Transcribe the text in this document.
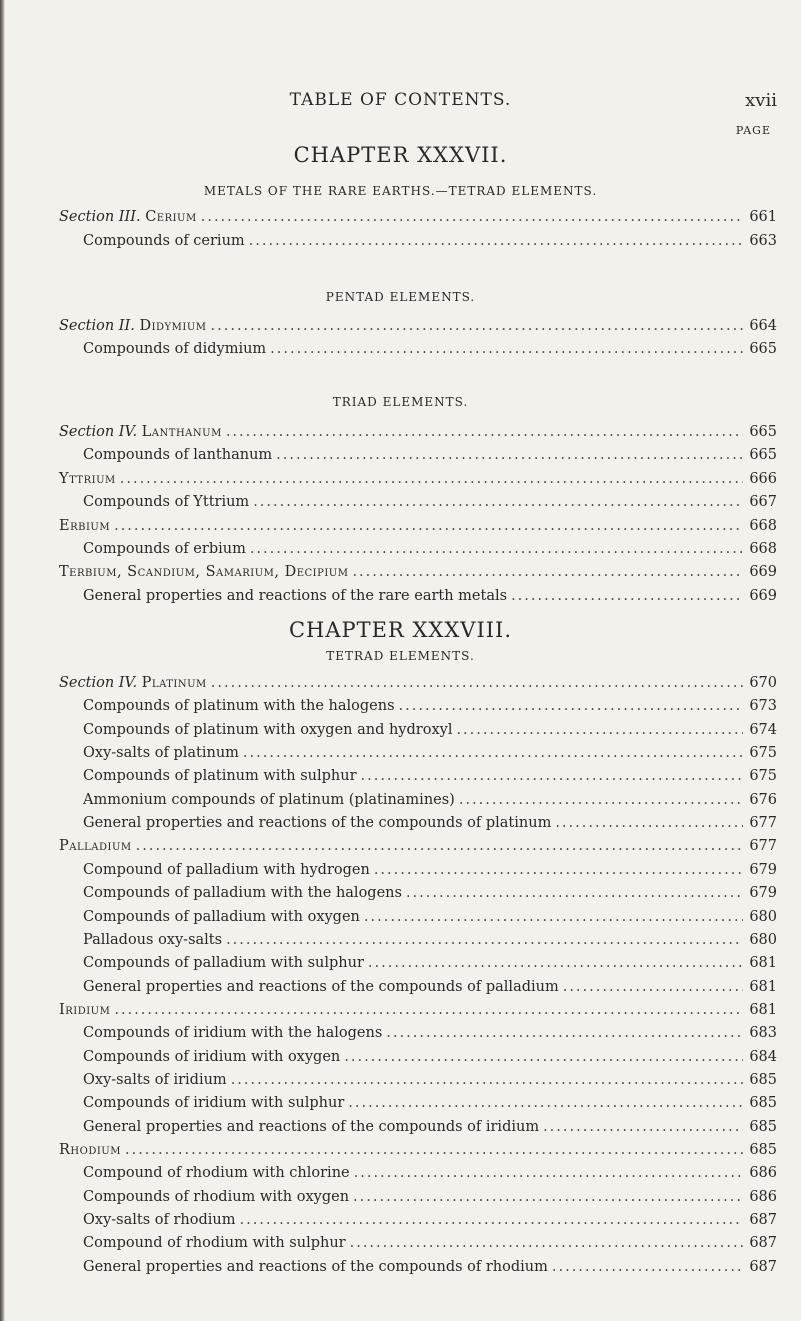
TABLE OF CONTENTS.	xvii
PAGE
CHAPTER XXXVII.
METALS OF THE RARE EARTHS.—TETRAD ELEMENTS.
Section III. Cerium .....	661
Compounds of cerium .....	663
PENTAD ELEMENTS.
Section II. Didymium .....	664
Compounds of didymium .....	665
TRIAD ELEMENTS.
Section IV. Lanthanum .....	665
Compounds of lanthanum .....	665
Yttrium .....	666
Compounds of Yttrium .....	667
Erbium .....	668
Compounds of erbium .....	668
Terbium, Scandium, Samarium, Decipium .....	669
General properties and reactions of the rare earth metals .....	669
CHAPTER XXXVIII.
TETRAD ELEMENTS.
Section IV. Platinum .....	670
Compounds of platinum with the halogens .....	673
Compounds of platinum with oxygen and hydroxyl .....	674
Oxy-salts of platinum .....	675
Compounds of platinum with sulphur .....	675
Ammonium compounds of platinum (platinamines) .....	676
General properties and reactions of the compounds of platinum .....	677
Palladium .....	677
Compound of palladium with hydrogen .....	679
Compounds of palladium with the halogens .....	679
Compounds of palladium with oxygen .....	680
Palladous oxy-salts .....	680
Compounds of palladium with sulphur .....	681
General properties and reactions of the compounds of palladium .....	681
Iridium .....	681
Compounds of iridium with the halogens .....	683
Compounds of iridium with oxygen .....	684
Oxy-salts of iridium .....	685
Compounds of iridium with sulphur .....	685
General properties and reactions of the compounds of iridium .....	685
Rhodium .....	685
Compound of rhodium with chlorine .....	686
Compounds of rhodium with oxygen .....	686
Oxy-salts of rhodium .....	687
Compound of rhodium with sulphur .....	687
General properties and reactions of the compounds of rhodium .....	687
